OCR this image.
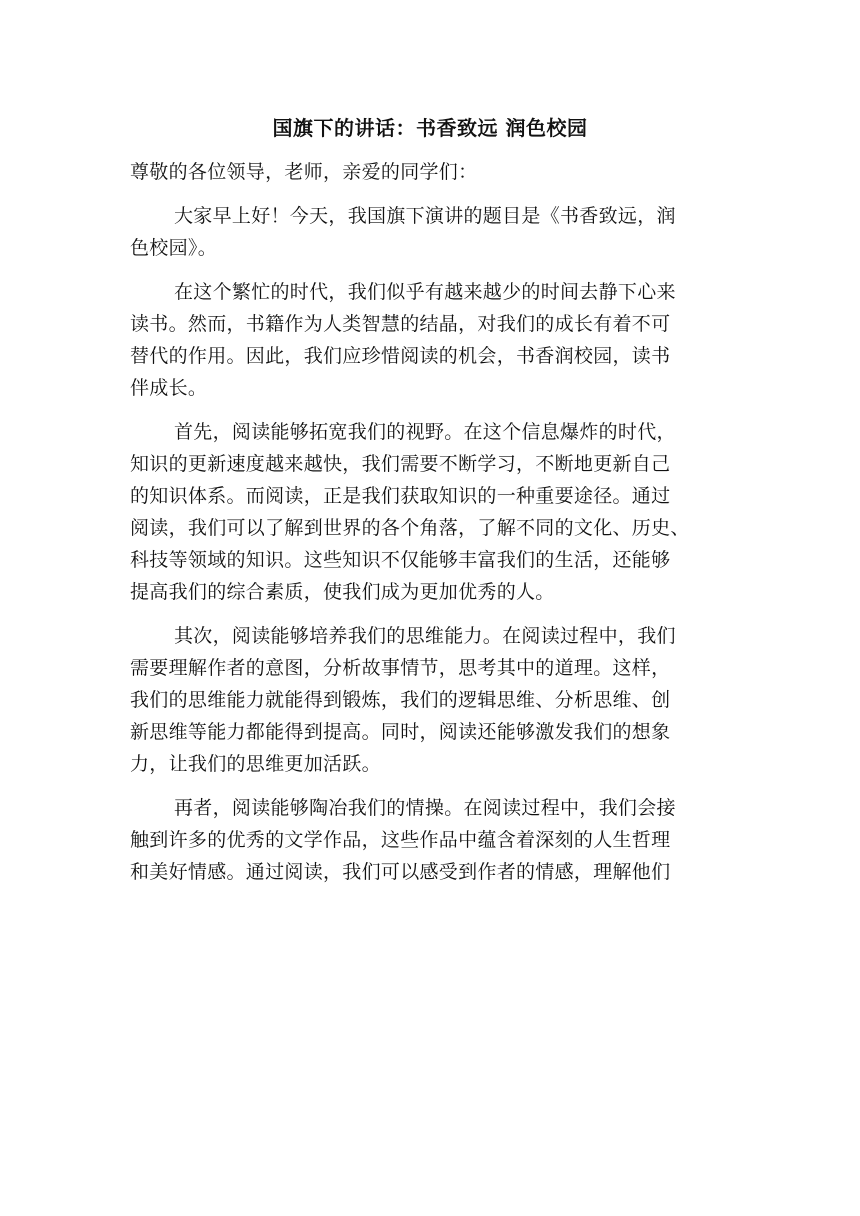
国旗下的讲话：书香致远 润色校园

尊敬的各位领导，老师，亲爱的同学们：

大家早上好！今天，我国旗下演讲的题目是《书香致远，润
色校园》。

在这个繁忙的时代，我们似乎有越来越少的时间去静下心来
读书。然而，书籍作为人类智慧的结晶，对我们的成长有着不可
替代的作用。因此，我们应珍惜阅读的机会，书香润校园，读书
伴成长。

首先，阅读能够拓宽我们的视野。在这个信息爆炸的时代，
知识的更新速度越来越快，我们需要不断学习，不断地更新自己
的知识体系。而阅读，正是我们获取知识的一种重要途径。通过
阅读，我们可以了解到世界的各个角落，了解不同的文化、历史、
科技等领域的知识。这些知识不仅能够丰富我们的生活，还能够
提高我们的综合素质，使我们成为更加优秀的人。

其次，阅读能够培养我们的思维能力。在阅读过程中，我们
需要理解作者的意图，分析故事情节，思考其中的道理。这样，
我们的思维能力就能得到锻炼，我们的逻辑思维、分析思维、创
新思维等能力都能得到提高。同时，阅读还能够激发我们的想象
力，让我们的思维更加活跃。

再者，阅读能够陶冶我们的情操。在阅读过程中，我们会接
触到许多的优秀的文学作品，这些作品中蕴含着深刻的人生哲理
和美好情感。通过阅读，我们可以感受到作者的情感，理解他们
